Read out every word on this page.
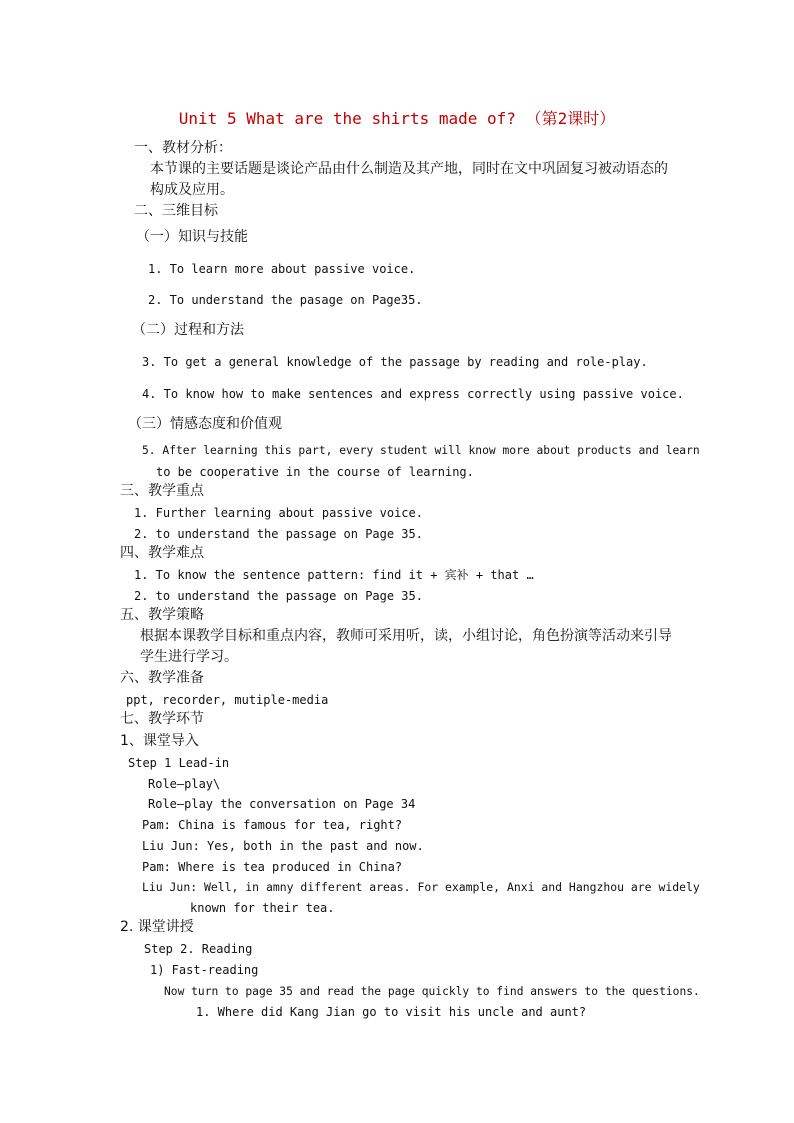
Unit 5 What are the shirts made of? （第2课时）
一、教材分析：
本节课的主要话题是谈论产品由什么制造及其产地，同时在文中巩固复习被动语态的
构成及应用。
二、三维目标
（一）知识与技能
1. To learn more about passive voice.
2. To understand the pasage on Page35.
（二）过程和方法
3. To get a general knowledge of the passage by reading and role-play.
4. To know how to make sentences and express correctly using passive voice.
（三）情感态度和价值观
5. After learning this part, every student will know more about products and learn
to be cooperative in the course of learning.
三、教学重点
1. Further learning about passive voice.
2. to understand the passage on Page 35.
四、教学难点
1. To know the sentence pattern: find it + 宾补 + that …
2. to understand the passage on Page 35.
五、教学策略
根据本课教学目标和重点内容，教师可采用听，读，小组讨论，角色扮演等活动来引导
学生进行学习。
六、教学准备
ppt, recorder, mutiple-media
七、教学环节
1、课堂导入
Step 1 Lead-in
Role—play\
Role—play the conversation on Page 34
Pam: China is famous for tea, right?
Liu Jun: Yes, both in the past and now.
Pam: Where is tea produced in China?
Liu Jun: Well, in amny different areas. For example, Anxi and Hangzhou are widely
known for their tea.
2. 课堂讲授
Step 2. Reading
1) Fast-reading
Now turn to page 35 and read the page quickly to find answers to the questions.
1. Where did Kang Jian go to visit his uncle and aunt?
